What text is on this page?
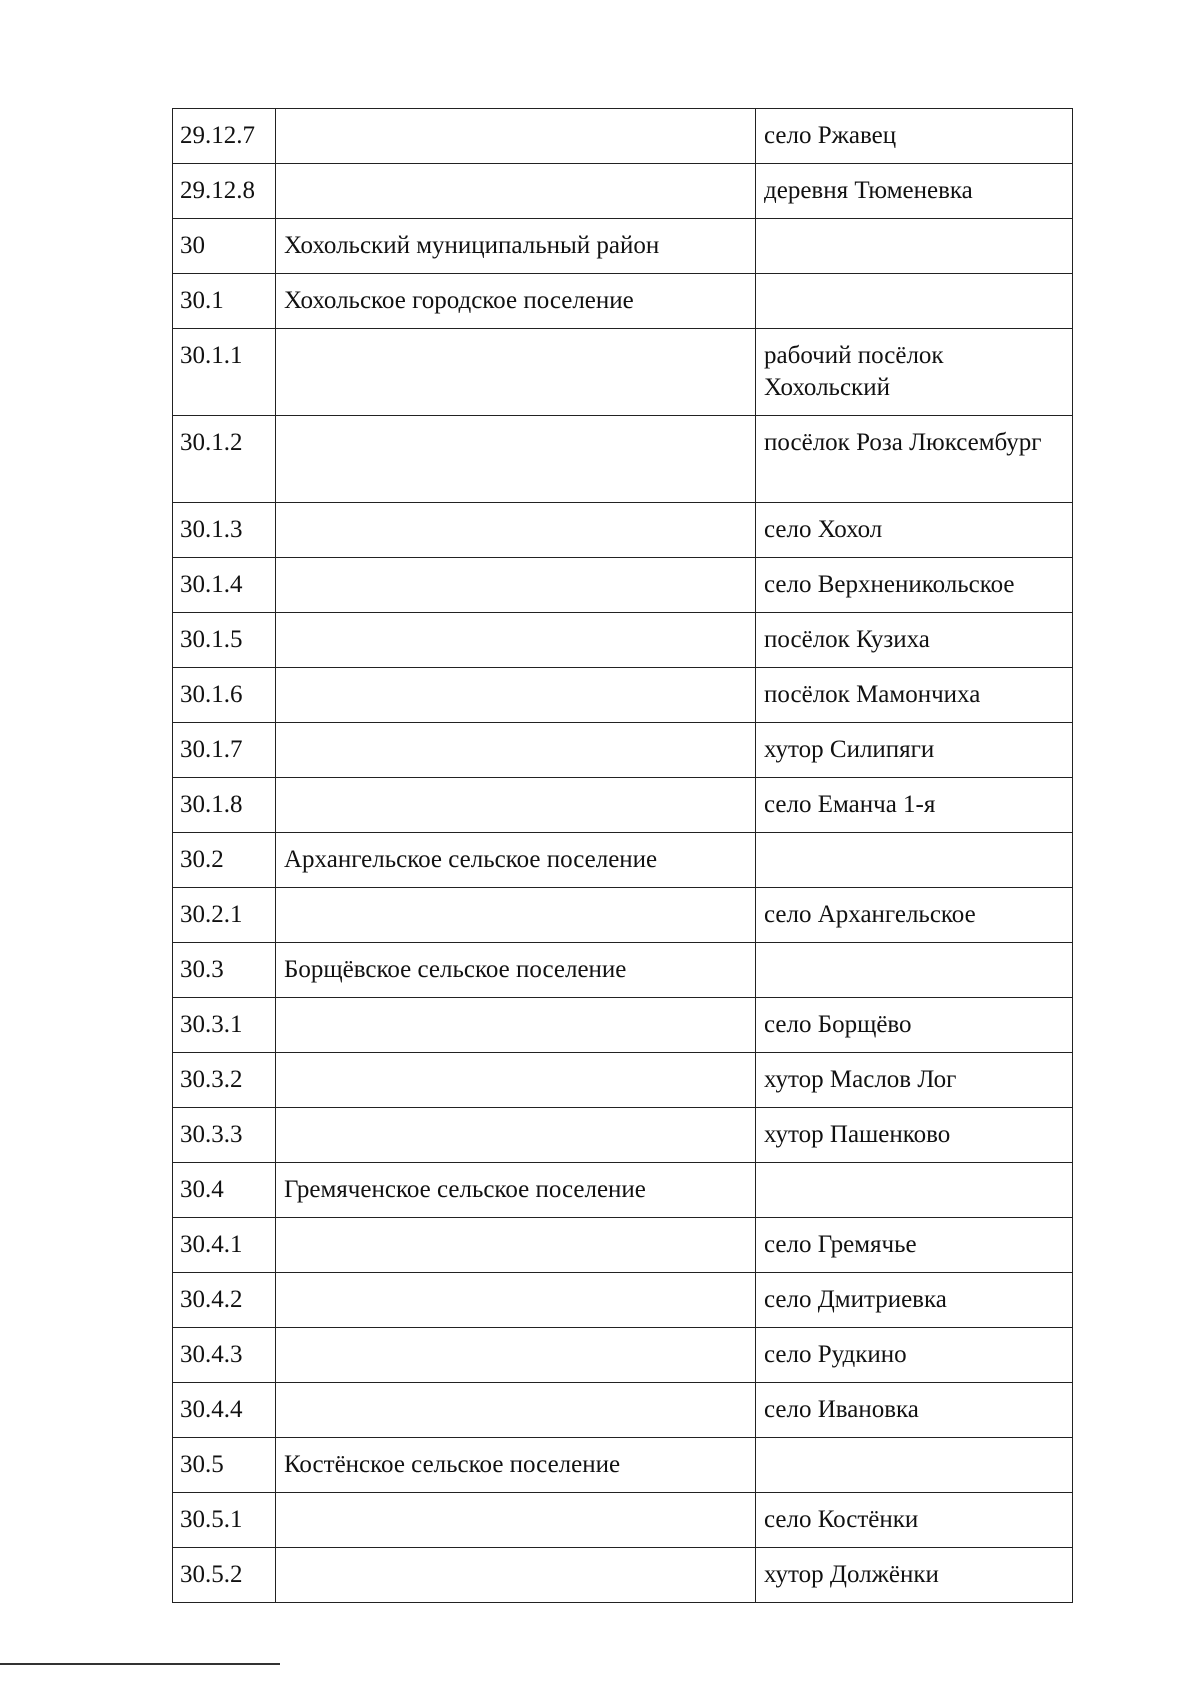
29.12.7		село Ржавец
29.12.8		деревня Тюменевка
30	Хохольский муниципальный район	
30.1	Хохольское городское поселение	
30.1.1		рабочий посёлок Хохольский
30.1.2		посёлок Роза Люксембург
30.1.3		село Хохол
30.1.4		село Верхненикольское
30.1.5		посёлок Кузиха
30.1.6		посёлок Мамончиха
30.1.7		хутор Силипяги
30.1.8		село Еманча 1-я
30.2	Архангельское сельское поселение	
30.2.1		село Архангельское
30.3	Борщёвское сельское поселение	
30.3.1		село Борщёво
30.3.2		хутор Маслов Лог
30.3.3		хутор Пашенково
30.4	Гремяченское сельское поселение	
30.4.1		село Гремячье
30.4.2		село Дмитриевка
30.4.3		село Рудкино
30.4.4		село Ивановка
30.5	Костёнское сельское поселение	
30.5.1		село Костёнки
30.5.2		хутор Должёнки
